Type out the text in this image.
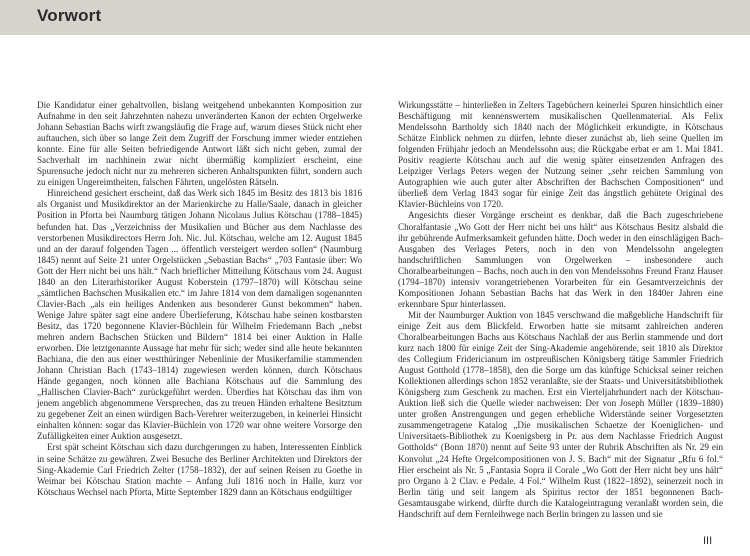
Vorwort

Die Kandidatur einer gehaltvollen, bislang weitgehend unbekannten Komposition zur Aufnahme in den seit Jahrzehnten nahezu unveränderten Kanon der echten Orgelwerke Johann Sebastian Bachs wirft zwangsläufig die Frage auf, warum dieses Stück nicht eher auftauchen, sich über so lange Zeit dem Zugriff der Forschung immer wieder entziehen konnte. Eine für alle Seiten befriedigende Antwort läßt sich nicht geben, zumal der Sachverhalt im nachhinein zwar nicht übermäßig kompliziert erscheint, eine Spurensuche jedoch nicht nur zu mehreren sicheren Anhaltspunkten führt, sondern auch zu einigen Ungereimtheiten, falschen Fährten, ungelösten Rätseln.

Hinreichend gesichert erscheint, daß das Werk sich 1845 im Besitz des 1813 bis 1816 als Organist und Musikdirektor an der Marienkirche zu Halle/Saale, danach in gleicher Position in Pforta bei Naumburg tätigen Johann Nicolaus Julius Kötschau (1788–1845) befunden hat. Das „Verzeichniss der Musikalien und Bücher aus dem Nachlasse des verstorbenen Musikdirectors Herrn Joh. Nic. Jul. Kötschau, welche am 12. August 1845 und an der darauf folgenden Tagen ... öffentlich versteigert werden sollen“ (Naumburg 1845) nennt auf Seite 21 unter Orgelstücken „Sebastian Bachs“ „703 Fantasie über: Wo Gott der Herr nicht bei uns hält.“ Nach brieflicher Mitteilung Kötschaus vom 24. August 1840 an den Literarhistoriker August Koberstein (1797–1870) will Kötschau seine „sämtlichen Bachschen Musikalien etc.“ im Jahre 1814 von dem damaligen sogenannten Clavier-Bach „als ein heiliges Andenken aus besonderer Gunst bekommen“ haben. Wenige Jahre später sagt eine andere Überlieferung, Kötschau habe seinen kostbarsten Besitz, das 1720 begonnene Klavier-Büchlein für Wilhelm Friedemann Bach „nebst mehren andern Bachschen Stücken und Bildern“ 1814 bei einer Auktion in Halle erworben. Die letztgenannte Aussage hat mehr für sich; weder sind alle heute bekannten Bachiana, die den aus einer westthüringer Nebenlinie der Musikerfamilie stammenden Johann Christian Bach (1743–1814) zugewiesen werden können, durch Kötschaus Hände gegangen, noch können alle Bachiana Kötschaus auf die Sammlung des „Hallischen Clavier-Bach“ zurückgeführt werden. Überdies hat Kötschau das ihm von jenem angeblich abgenommene Versprechen, das zu treuen Händen erhaltene Besitztum zu gegebener Zeit an einen würdigen Bach-Verehrer weiterzugeben, in keinerlei Hinsicht einhalten können: sogar das Klavier-Büchlein von 1720 war ohne weitere Vorsorge den Zufälligkeiten einer Auktion ausgesetzt.

Erst spät scheint Kötschau sich dazu durchgerungen zu haben, Interessenten Einblick in seine Schätze zu gewähren. Zwei Besuche des Berliner Architekten und Direktors der Sing-Akademie Carl Friedrich Zelter (1758–1832), der auf seinen Reisen zu Goethe in Weimar bei Kötschau Station machte – Anfang Juli 1816 noch in Halle, kurz vor Kötschaus Wechsel nach Pforta, Mitte September 1829 dann an Kötschaus endgültiger

Wirkungsstätte – hinterließen in Zelters Tagebüchern keinerlei Spuren hinsichtlich einer Beschäftigung mit kennenswertem musikalischen Quellenmaterial. Als Felix Mendelssohn Bartholdy sich 1840 nach der Möglichkeit erkundigte, in Kötschaus Schätze Einblick nehmen zu dürfen, lehnte dieser zunächst ab, lieh seine Quellen im folgenden Frühjahr jedoch an Mendelssohn aus; die Rückgabe erbat er am 1. Mai 1841. Positiv reagierte Kötschau auch auf die wenig später einsetzenden Anfragen des Leipziger Verlags Peters wegen der Nutzung seiner „sehr reichen Sammlung von Autographien wie auch guter alter Abschriften der Bachschen Compositionen“ und überließ dem Verlag 1843 sogar für einige Zeit das ängstlich gehütete Original des Klavier-Büchleins von 1720.

Angesichts dieser Vorgänge erscheint es denkbar, daß die Bach zugeschriebene Choralfantasie „Wo Gott der Herr nicht bei uns hält“ aus Kötschaus Besitz alsbald die ihr gebührende Aufmerksamkeit gefunden hätte. Doch weder in den einschlägigen Bach-Ausgaben des Verlages Peters, noch in den von Mendelssohn angelegten handschriftlichen Sammlungen von Orgelwerken – insbesondere auch Choralbearbeitungen – Bachs, noch auch in den von Mendelssohns Freund Franz Hauser (1794–1870) intensiv vorangetriebenen Vorarbeiten für ein Gesamtverzeichnis der Kompositionen Johann Sebastian Bachs hat das Werk in den 1840er Jahren eine erkennbare Spur hinterlassen.

Mit der Naumburger Auktion von 1845 verschwand die maßgebliche Handschrift für einige Zeit aus dem Blickfeld. Erworben hatte sie mitsamt zahlreichen anderen Choralbearbeitungen Bachs aus Kötschaus Nachlaß der aus Berlin stammende und dort kurz nach 1800 für einige Zeit der Sing-Akademie angehörende, seit 1810 als Direktor des Collegium Fridericianum im ostpreußischen Königsberg tätige Sammler Friedrich August Gotthold (1778–1858), den die Sorge um das künftige Schicksal seiner reichen Kollektionen allerdings schon 1852 veranlaßte, sie der Staats- und Universitätsbibliothek Königsberg zum Geschenk zu machen. Erst ein Vierteljahrhundert nach der Kötschau-Auktion ließ sich die Quelle wieder nachweisen: Der von Joseph Müller (1839–1880) unter großen Anstrengungen und gegen erhebliche Widerstände seiner Vorgesetzten zusammengetragene Katalog „Die musikalischen Schaetze der Koeniglichen- und Universitaets-Bibliothek zu Koenigsberg in Pr. aus dem Nachlasse Friedrich August Gottholds“ (Bonn 1870) nennt auf Seite 93 unter der Rubrik Abschriften als Nr. 29 ein Konvolut „24 Hefte Orgelcompositionen von J. S. Bach“ mit der Signatur „Rfu 6 fol.“ Hier erscheint als Nr. 5 „Fantasia Sopra il Corale „Wo Gott der Herr nicht bey uns hält“ pro Organo à 2 Clav. e Pedale. 4 Fol.“ Wilhelm Rust (1822–1892), seinerzeit noch in Berlin tätig und seit langem als Spiritus rector der 1851 begonnenen Bach-Gesamtausgabe wirkend, dürfte durch die Katalogeintragung veranlaßt worden sein, die Handschrift auf dem Fernleihwege nach Berlin bringen zu lassen und sie

III
